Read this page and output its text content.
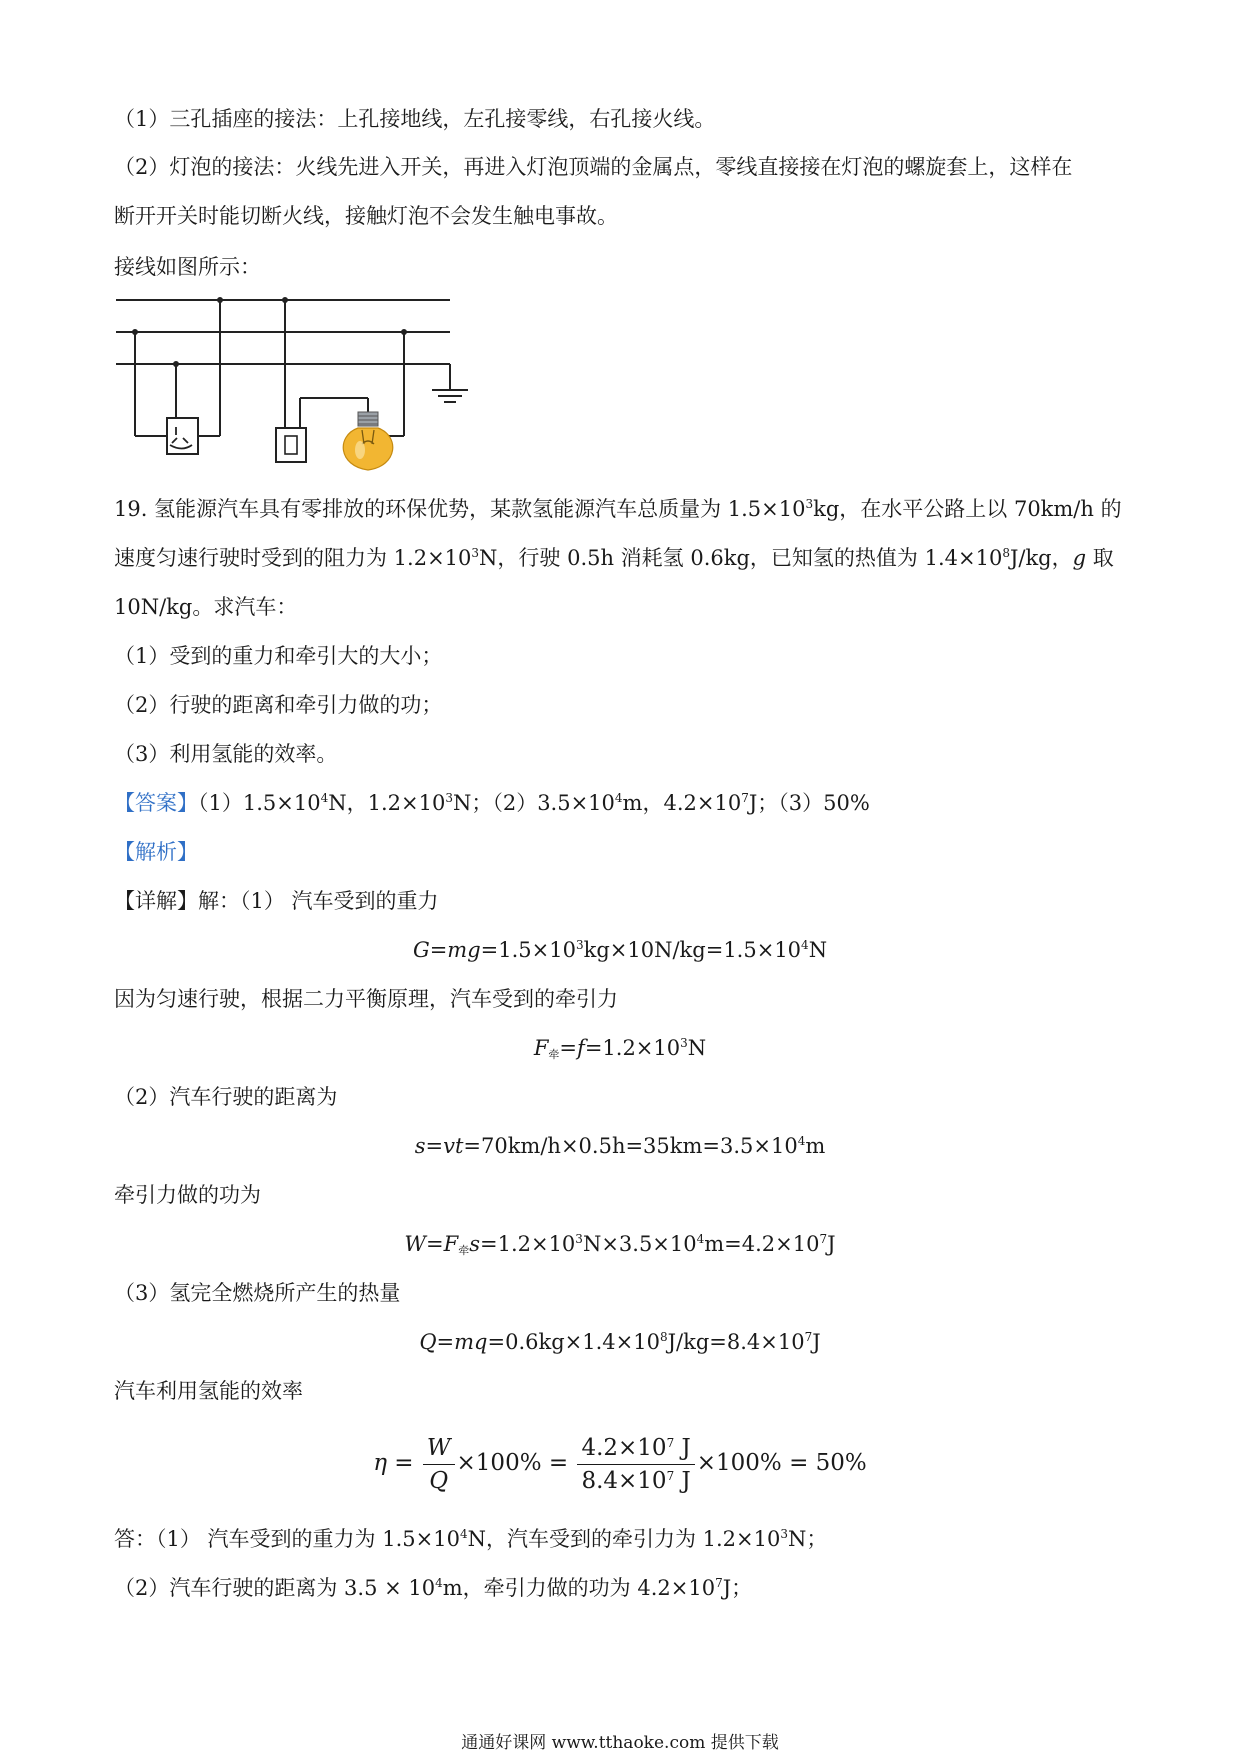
（1）三孔插座的接法：上孔接地线，左孔接零线，右孔接火线。
（2）灯泡的接法：火线先进入开关，再进入灯泡顶端的金属点，零线直接接在灯泡的螺旋套上，这样在
断开开关时能切断火线，接触灯泡不会发生触电事故。
接线如图所示：
19. 氢能源汽车具有零排放的环保优势，某款氢能源汽车总质量为 $1.5\times 10^3kg$，在水平公路上以 70km/h 的
速度匀速行驶时受到的阻力为 $1.2\times 10^3N$，行驶 0.5h 消耗氢 0.6kg，已知氢的热值为 $1.4\times 10^8J/kg$，g 取
10N/kg。求汽车：
（1）受到的重力和牵引大的大小；
（2）行驶的距离和牵引力做的功；
（3）利用氢能的效率。
【答案】$(1)1.5\times 10^4N$，$1.2\times 10^3N$；$(2)3.5\times 10^4m$，$4.2\times 10^7J$；（3）50%
【解析】
【详解】解：（1） 汽车受到的重力
$G=mg=1.5\times 10^3kg\times 10N/kg=1.5\times 10^4N$
因为匀速行驶，根据二力平衡原理，汽车受到的牵引力
$F_牵=f=1.2\times 10^3N$
（2）汽车行驶的距离为
$s=vt=70km/h\times 0.5h=35km=3.5\times 10^4m$
牵引力做的功为
$W=F_牵s=1.2\times 10^3N\times 3.5\times 10^4m=4.2\times 10^7J$
（3）氢完全燃烧所产生的热量
$Q=mq=0.6kg\times 1.4\times 10^8J/kg=8.4\times 10^7J$
汽车利用氢能的效率
$\eta = \frac{W}{Q} \times 100\% = \frac{4.2\times 10^7 J}{8.4\times 10^7 J} \times 100\% = 50\%$
答：（1） 汽车受到的重力为 $1.5\times 10^4N$，汽车受到的牵引力为 $1.2\times 10^3N$；
（2）汽车行驶的距离为 $3.5 \times 10^4m$，牵引力做的功为 $4.2\times 10^7J$；
通通好课网 www.tthaoke.com 提供下载
